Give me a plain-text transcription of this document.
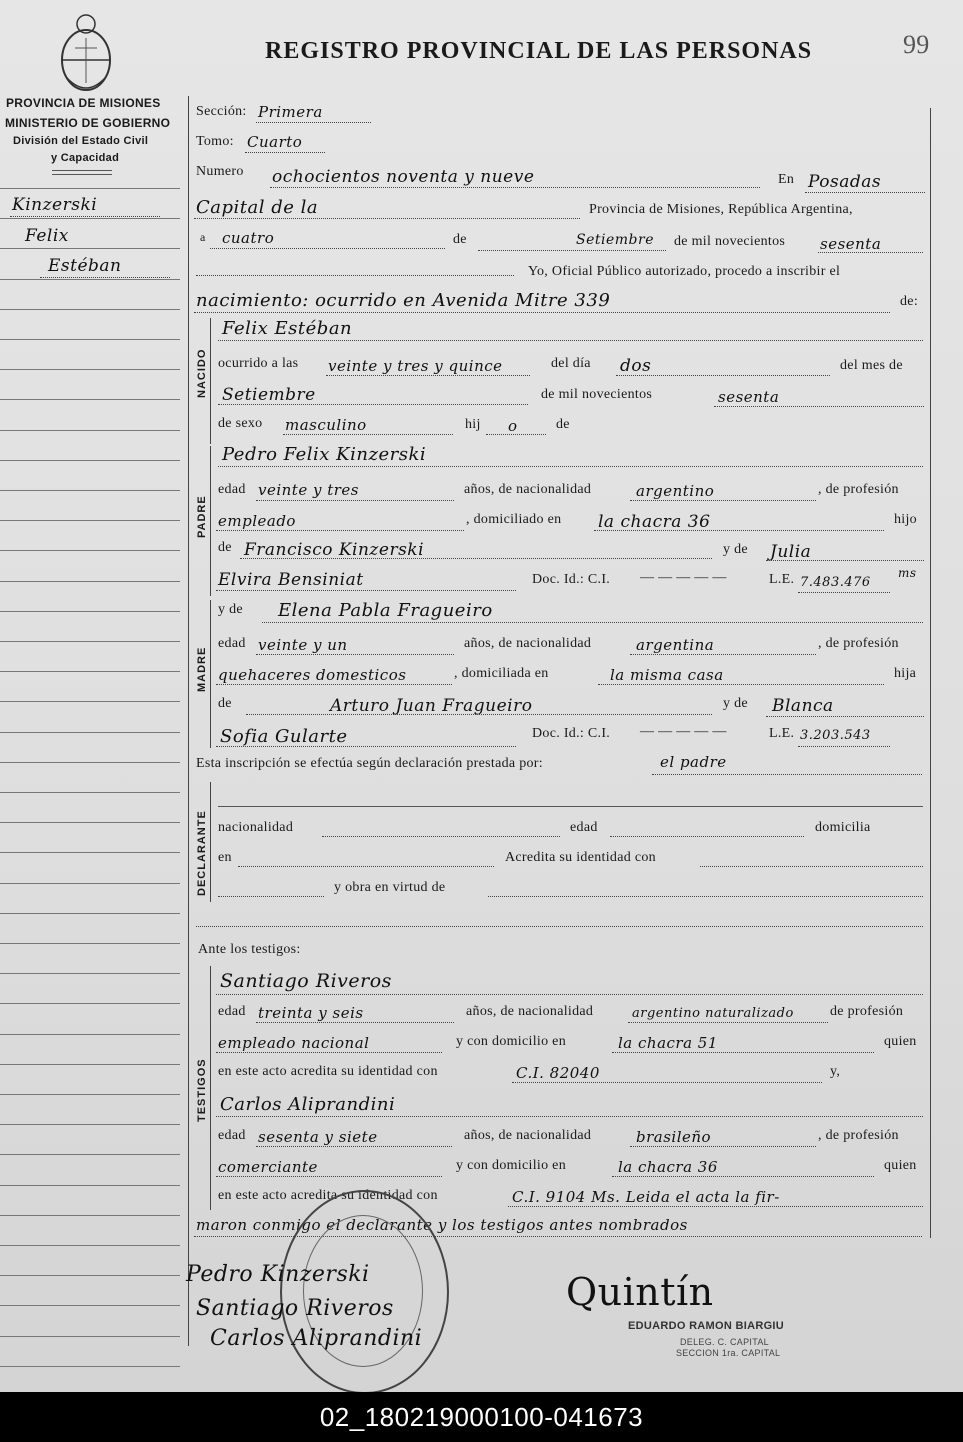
REGISTRO PROVINCIAL DE LAS PERSONAS	99
PROVINCIA DE MISIONES
MINISTERIO DE GOBIERNO
División del Estado Civil
y Capacidad
Kinzerski
Felix
Estéban
Sección: Primera
Tomo: Cuarto
Numero ochocientos noventa y nueve	En Posadas
Capital de la	Provincia de Misiones, República Argentina,
a cuatro	de	Setiembre de mil novecientos sesenta
Yo, Oficial Público autorizado, procedo a inscribir el
nacimiento: ocurrido en Avenida Mitre 339	de:
NACIDO
Felix Estéban
ocurrido a las veinte y tres y quince	del día dos	del mes de
Setiembre	de mil novecientos	sesenta
de sexo masculino	hij o	de
PADRE
Pedro Felix Kinzerski
edad veinte y tres	años, de nacionalidad	argentino	, de profesión
empleado	, domiciliado en la chacra 36	hijo
de Francisco Kinzerski	y de Julia
Elvira Bensiniat	Doc. Id.: C.I. — — — — —	L.E. 7.483.476
ms
MADRE
y de Elena Pabla Fragueiro
edad veinte y un	años, de nacionalidad	argentina	, de profesión
quehaceres domesticos	, domiciliada en	la misma casa	hija
de	Arturo Juan Fragueiro	y de Blanca
Sofia Gularte	Doc. Id.: C.I. — — — — —	L.E. 3.203.543
Esta inscripción se efectúa según declaración prestada por:	el padre
DECLARANTE nacionalidad	edad	domicilia
en	Acredita su identidad con
y obra en virtud de
Ante los testigos:
TESTIGOS
Santiago Riveros
edad treinta y seis	años, de nacionalidad	argentino naturalizado	de profesión
empleado nacional	y con domicilio en	la chacra 51	quien
en este acto acredita su identidad con	C.I. 82040	y,
Carlos Aliprandini
edad sesenta y siete	años, de nacionalidad	brasileño	, de profesión
comerciante	y con domicilio en	la chacra 36	quien
en este acto acredita su identidad con	C.I. 9104 Ms. Leida el acta la fir-
maron conmigo el declarante y los testigos antes nombrados
Pedro Kinzerski
Santiago Riveros
Carlos Aliprandini
Quintín
EDUARDO RAMON BIARGIU
DELEG. C. CAPITAL
SECCION 1ra. CAPITAL
02_180219000100-041673
